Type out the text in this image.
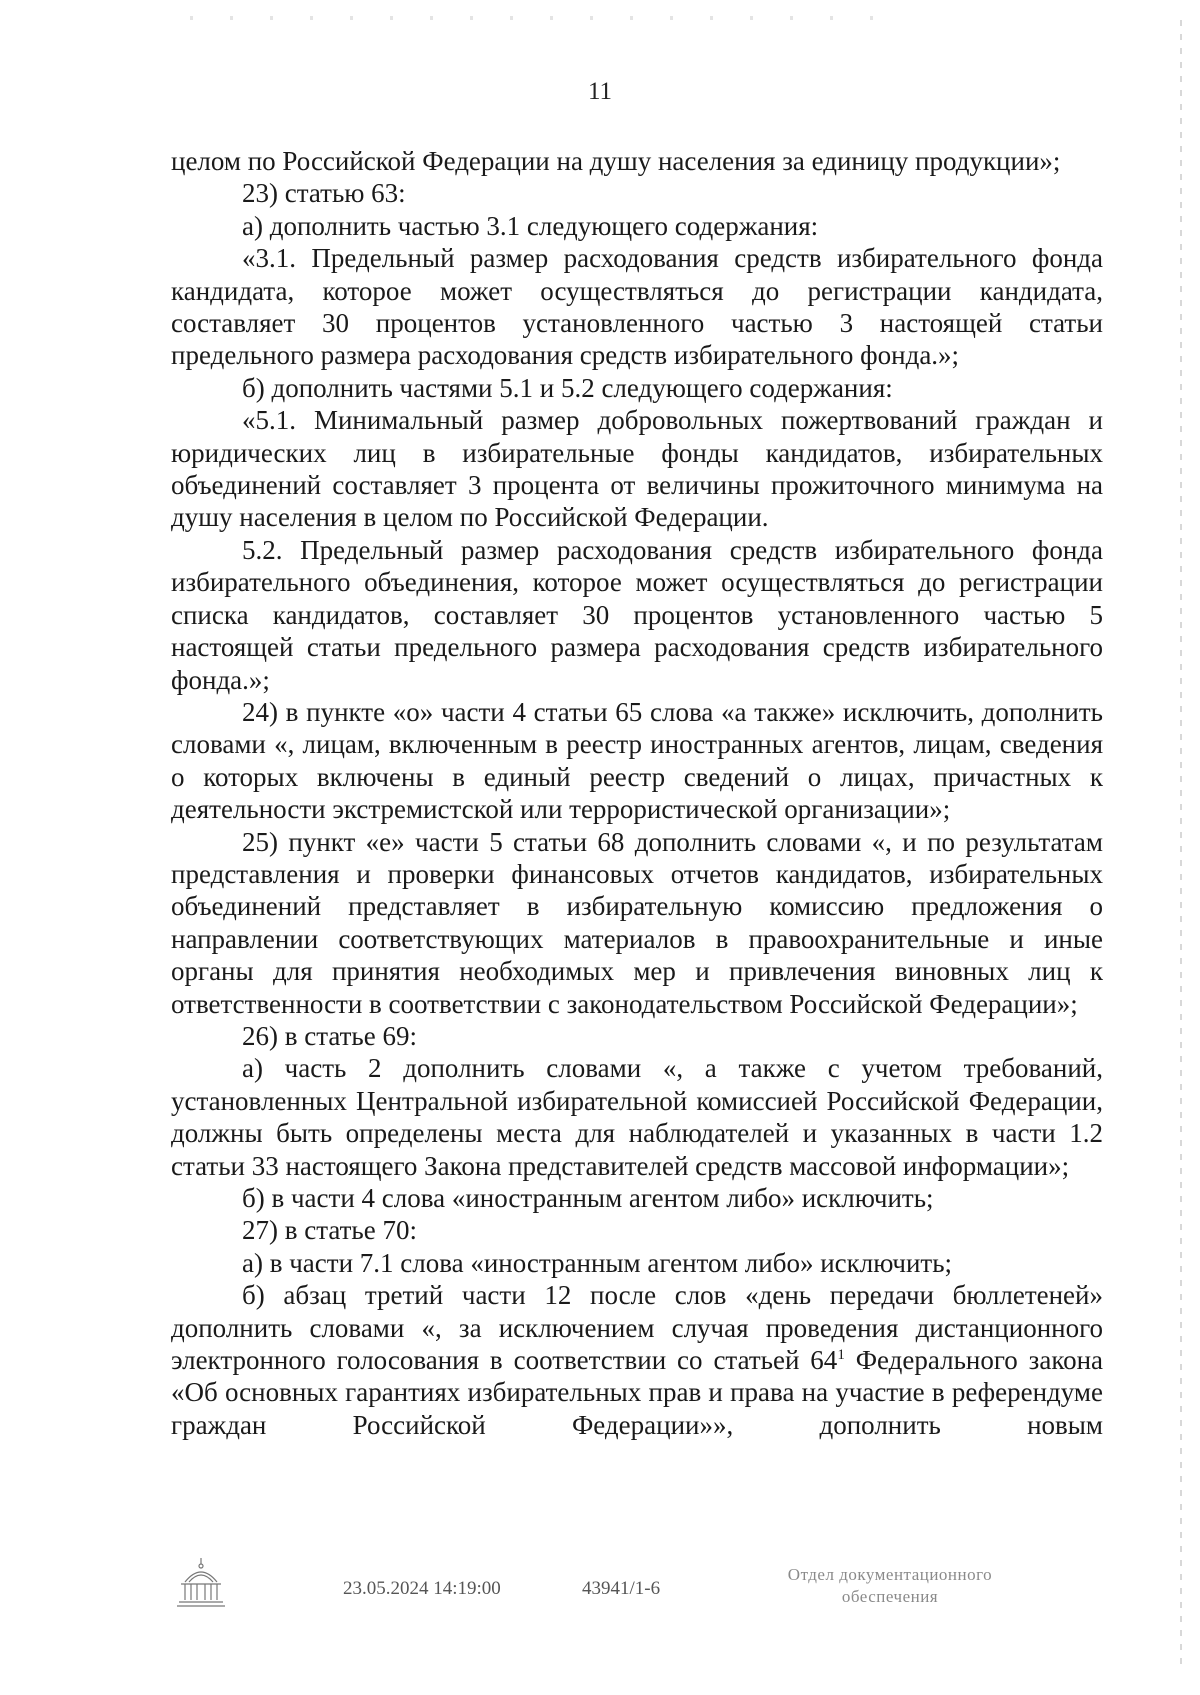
11

целом по Российской Федерации на душу населения за единицу продукции»;

23) статью 63:

а) дополнить частью 3.1 следующего содержания:

«3.1. Предельный размер расходования средств избирательного фонда кандидата, которое может осуществляться до регистрации кандидата, составляет 30 процентов установленного частью 3 настоящей статьи предельного размера расходования средств избирательного фонда.»;

б) дополнить частями 5.1 и 5.2 следующего содержания:

«5.1. Минимальный размер добровольных пожертвований граждан и юридических лиц в избирательные фонды кандидатов, избирательных объединений составляет 3 процента от величины прожиточного минимума на душу населения в целом по Российской Федерации.

5.2. Предельный размер расходования средств избирательного фонда избирательного объединения, которое может осуществляться до регистрации списка кандидатов, составляет 30 процентов установленного частью 5 настоящей статьи предельного размера расходования средств избирательного фонда.»;

24) в пункте «о» части 4 статьи 65 слова «а также» исключить, дополнить словами «, лицам, включенным в реестр иностранных агентов, лицам, сведения о которых включены в единый реестр сведений о лицах, причастных к деятельности экстремистской или террористической организации»;

25) пункт «е» части 5 статьи 68 дополнить словами «, и по результатам представления и проверки финансовых отчетов кандидатов, избирательных объединений представляет в избирательную комиссию предложения о направлении соответствующих материалов в правоохранительные и иные органы для принятия необходимых мер и привлечения виновных лиц к ответственности в соответствии с законодательством Российской Федерации»;

26) в статье 69:

а) часть 2 дополнить словами «, а также с учетом требований, установленных Центральной избирательной комиссией Российской Федерации, должны быть определены места для наблюдателей и указанных в части 1.2 статьи 33 настоящего Закона представителей средств массовой информации»;

б) в части 4 слова «иностранным агентом либо» исключить;

27) в статье 70:

а) в части 7.1 слова «иностранным агентом либо» исключить;

б) абзац третий части 12 после слов «день передачи бюллетеней» дополнить словами «, за исключением случая проведения дистанционного электронного голосования в соответствии со статьей $64^1$ Федерального закона «Об основных гарантиях избирательных прав и права на участие в референдуме граждан Российской Федерации»», дополнить новым

23.05.2024 14:19:00	43941/1-6
Отдел документационного
обеспечения
